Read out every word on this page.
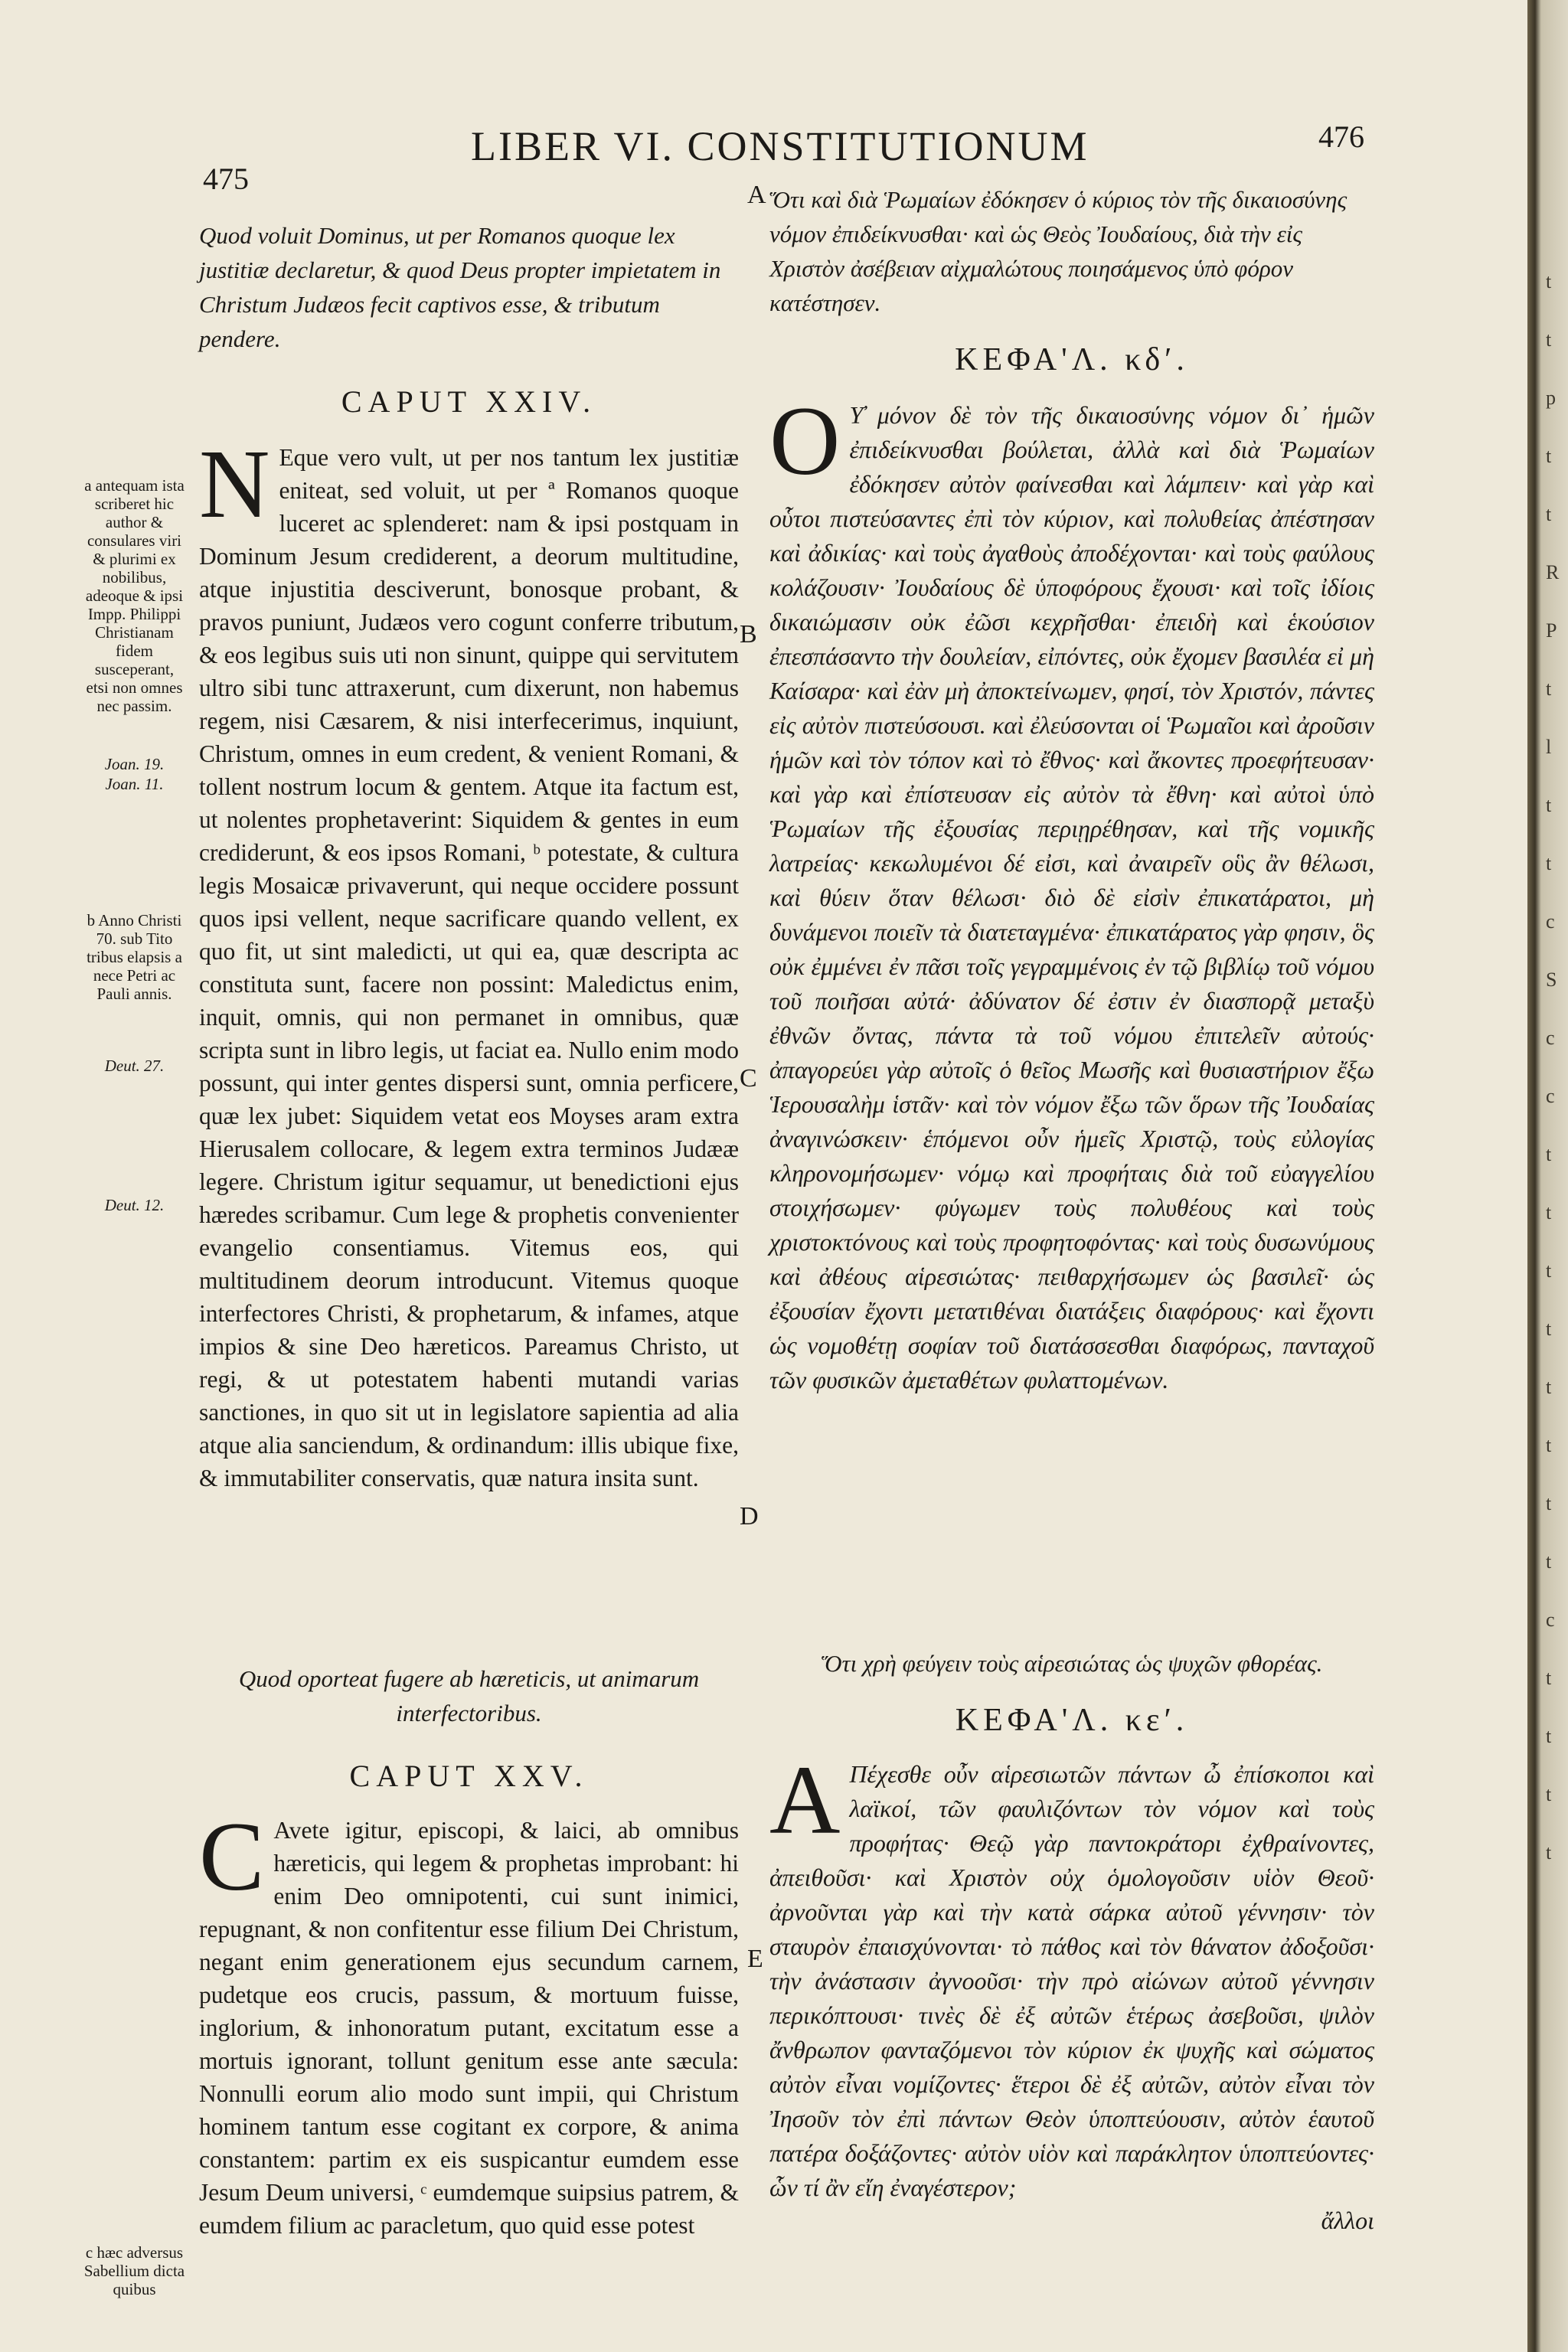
475
LIBER VI. CONSTITUTIONUM	476
A
B
C
D
E
a antequam ista scriberet hic author & consulares viri & plurimi ex nobilibus, adeoque & ipsi Impp. Philippi Christianam fidem susceperant, etsi non omnes nec passim.
Joan. 19.
Joan. 11.
b Anno Christi 70. sub Tito tribus elapsis a nece Petri ac Pauli annis.
Deut. 27.
Deut. 12.
c hæc adversus Sabellium dicta quibus

Quod voluit Dominus, ut per Romanos quoque lex justitiæ declaretur, & quod Deus propter impietatem in Christum Judæos fecit captivos esse, & tributum pendere.

CAPUT XXIV.

N Eque vero vult, ut per nos tantum lex justitiæ eniteat, sed voluit, ut per ª Romanos quoque luceret ac splenderet: nam & ipsi postquam in Dominum Jesum crediderent, a deorum multitudine, atque injustitia desciverunt, bonosque probant, & pravos puniunt, Judæos vero cogunt conferre tributum, & eos legibus suis uti non sinunt, quippe qui servitutem ultro sibi tunc attraxerunt, cum dixerunt, non habemus regem, nisi Cæsarem, & nisi interfecerimus, inquiunt, Christum, omnes in eum credent, & venient Romani, & tollent nostrum locum & gentem. Atque ita factum est, ut nolentes prophetaverint: Siquidem & gentes in eum crediderunt, & eos ipsos Romani, ᵇ potestate, & cultura legis Mosaicæ privaverunt, qui neque occidere possunt quos ipsi vellent, neque sacrificare quando vellent, ex quo fit, ut sint maledicti, ut qui ea, quæ descripta ac constituta sunt, facere non possint: Maledictus enim, inquit, omnis, qui non permanet in omnibus, quæ scripta sunt in libro legis, ut faciat ea. Nullo enim modo possunt, qui inter gentes dispersi sunt, omnia perficere, quæ lex jubet: Siquidem vetat eos Moyses aram extra Hierusalem collocare, & legem extra terminos Judææ legere. Christum igitur sequamur, ut benedictioni ejus hæredes scribamur. Cum lege & prophetis convenienter evangelio consentiamus. Vitemus eos, qui multitudinem deorum introducunt. Vitemus quoque interfectores Christi, & prophetarum, & infames, atque impios & sine Deo hæreticos. Pareamus Christo, ut regi, & ut potestatem habenti mutandi varias sanctiones, in quo sit ut in legislatore sapientia ad alia atque alia sanciendum, & ordinandum: illis ubique fixe, & immutabiliter conservatis, quæ natura insita sunt.

Quod oporteat fugere ab hæreticis, ut animarum interfectoribus.

CAPUT XXV.

C Avete igitur, episcopi, & laici, ab omnibus hæreticis, qui legem & prophetas improbant: hi enim Deo omnipotenti, cui sunt inimici, repugnant, & non confitentur esse filium Dei Christum, negant enim generationem ejus secundum carnem, pudetque eos crucis, passum, & mortuum fuisse, inglorium, & inhonoratum putant, excitatum esse a mortuis ignorant, tollunt genitum esse ante sæcula: Nonnulli eorum alio modo sunt impii, qui Christum hominem tantum esse cogitant ex corpore, & anima constantem: partim ex eis suspicantur eumdem esse Jesum Deum universi, ᶜ eumdemque suipsius patrem, & eumdem filium ac paracletum, quo quid esse potest

Ὅτι καὶ διὰ Ῥωμαίων ἐδόκησεν ὁ κύριος τὸν τῆς δικαιοσύνης νόμον ἐπιδείκνυσθαι· καὶ ὡς Θεὸς Ἰουδαίους, διὰ τὴν εἰς Χριστὸν ἀσέβειαν αἰχμαλώτους ποιησάμενος ὑπὸ φόρον κατέστησεν.

ΚΕΦΑ'Λ. κδʹ.

ΟΥ̓ μόνον δὲ τὸν τῆς δικαιοσύνης νόμον δι᾽ ἡμῶν ἐπιδείκνυσθαι βούλεται, ἀλλὰ καὶ διὰ Ῥωμαίων ἐδόκησεν αὐτὸν φαίνεσθαι καὶ λάμπειν· καὶ γὰρ καὶ οὗτοι πιστεύσαντες ἐπὶ τὸν κύριον, καὶ πολυθείας ἀπέστησαν καὶ ἀδικίας· καὶ τοὺς ἀγαθοὺς ἀποδέχονται· καὶ τοὺς φαύλους κολάζουσιν· Ἰουδαίους δὲ ὑποφόρους ἔχουσι· καὶ τοῖς ἰδίοις δικαιώμασιν οὐκ ἐῶσι κεχρῆσθαι· ἐπειδὴ καὶ ἑκούσιον ἐπεσπάσαντο τὴν δουλείαν, εἰπόντες, οὐκ ἔχομεν βασιλέα εἰ μὴ Καίσαρα· καὶ ἐὰν μὴ ἀποκτείνωμεν, φησί, τὸν Χριστόν, πάντες εἰς αὐτὸν πιστεύσουσι. καὶ ἐλεύσονται οἱ Ῥωμαῖοι καὶ ἀροῦσιν ἡμῶν καὶ τὸν τόπον καὶ τὸ ἔθνος· καὶ ἄκοντες προεφήτευσαν· καὶ γὰρ καὶ ἐπίστευσαν εἰς αὐτὸν τὰ ἔθνη· καὶ αὐτοὶ ὑπὸ Ῥωμαίων τῆς ἐξουσίας περιῃρέθησαν, καὶ τῆς νομικῆς λατρείας· κεκωλυμένοι δέ εἰσι, καὶ ἀναιρεῖν οὓς ἂν θέλωσι, καὶ θύειν ὅταν θέλωσι· διὸ δὲ εἰσὶν ἐπικατάρατοι, μὴ δυνάμενοι ποιεῖν τὰ διατεταγμένα· ἐπικατάρατος γὰρ φησιν, ὃς οὐκ ἐμμένει ἐν πᾶσι τοῖς γεγραμμένοις ἐν τῷ βιβλίῳ τοῦ νόμου τοῦ ποιῆσαι αὐτά· ἀδύνατον δέ ἐστιν ἐν διασπορᾷ μεταξὺ ἐθνῶν ὄντας, πάντα τὰ τοῦ νόμου ἐπιτελεῖν αὐτούς· ἀπαγορεύει γὰρ αὐτοῖς ὁ θεῖος Μωσῆς καὶ θυσιαστήριον ἔξω Ἱερουσαλὴμ ἱστᾶν· καὶ τὸν νόμον ἔξω τῶν ὅρων τῆς Ἰουδαίας ἀναγινώσκειν· ἑπόμενοι οὖν ἡμεῖς Χριστῷ, τοὺς εὐλογίας κληρονομήσωμεν· νόμῳ καὶ προφήταις διὰ τοῦ εὐαγγελίου στοιχήσωμεν· φύγωμεν τοὺς πολυθέους καὶ τοὺς χριστοκτόνους καὶ τοὺς προφητοφόντας· καὶ τοὺς δυσωνύμους καὶ ἀθέους αἱρεσιώτας· πειθαρχήσωμεν ὡς βασιλεῖ· ὡς ἐξουσίαν ἔχοντι μετατιθέναι διατάξεις διαφόρους· καὶ ἔχοντι ὡς νομοθέτῃ σοφίαν τοῦ διατάσσεσθαι διαφόρως, πανταχοῦ τῶν φυσικῶν ἀμεταθέτων φυλαττομένων.

Ὅτι χρὴ φεύγειν τοὺς αἱρεσιώτας ὡς ψυχῶν φθορέας.

ΚΕΦΑ'Λ. κεʹ.

Α Πέχεσθε οὖν αἱρεσιωτῶν πάντων ὦ ἐπίσκοποι καὶ λαϊκοί, τῶν φαυλιζόντων τὸν νόμον καὶ τοὺς προφήτας· Θεῷ γὰρ παντοκράτορι ἐχθραίνοντες, ἀπειθοῦσι· καὶ Χριστὸν οὐχ ὁμολογοῦσιν υἱὸν Θεοῦ· ἀρνοῦνται γὰρ καὶ τὴν κατὰ σάρκα αὐτοῦ γέννησιν· τὸν σταυρὸν ἐπαισχύνονται· τὸ πάθος καὶ τὸν θάνατον ἀδοξοῦσι· τὴν ἀνάστασιν ἀγνοοῦσι· τὴν πρὸ αἰώνων αὐτοῦ γέννησιν περικόπτουσι· τινὲς δὲ ἐξ αὐτῶν ἑτέρως ἀσεβοῦσι, ψιλὸν ἄνθρωπον φανταζόμενοι τὸν κύριον ἐκ ψυχῆς καὶ σώματος αὐτὸν εἶναι νομίζοντες· ἕτεροι δὲ ἐξ αὐτῶν, αὐτὸν εἶναι τὸν Ἰησοῦν τὸν ἐπὶ πάντων Θεὸν ὑποπτεύουσιν, αὐτὸν ἑαυτοῦ πατέρα δοξάζοντες· αὐτὸν υἱὸν καὶ παράκλητον ὑποπτεύοντες· ὧν τί ἂν εἴη ἐναγέστερον;

ἄλλοι
t
t
p
t
t
R
P
t
l
t
t
c
S
c
c
t
t
t
t
t
t
t
t
c
t
t
t
t
